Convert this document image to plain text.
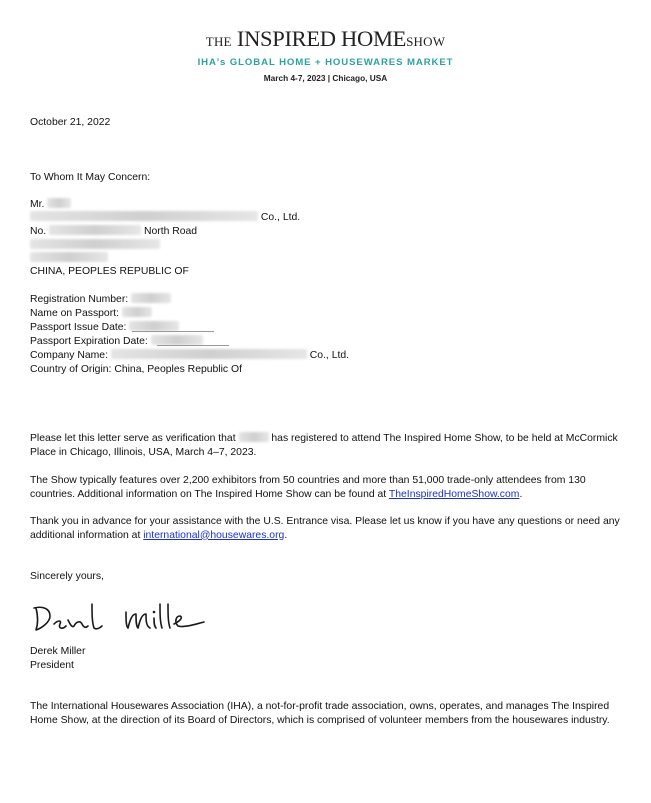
THE INSPIRED HOMESHOW
IHA's GLOBAL HOME + HOUSEWARES MARKET
March 4-7, 2023 | Chicago, USA
October 21, 2022
To Whom It May Concern:
Mr.
Co., Ltd.
No.	North Road
CHINA, PEOPLES REPUBLIC OF
Registration Number:
Name on Passport:
Passport Issue Date:
Passport Expiration Date:
Company Name:	Co., Ltd.
Country of Origin: China, Peoples Republic Of
Please let this letter serve as verification that	has registered to attend The Inspired Home Show, to be held at McCormick Place in Chicago, Illinois, USA, March 4–7, 2023.
The Show typically features over 2,200 exhibitors from 50 countries and more than 51,000 trade-only attendees from 130 countries. Additional information on The Inspired Home Show can be found at TheInspiredHomeShow.com.
Thank you in advance for your assistance with the U.S. Entrance visa. Please let us know if you have any questions or need any additional information at international@housewares.org.
Sincerely yours,
Derek Miller
President
The International Housewares Association (IHA), a not-for-profit trade association, owns, operates, and manages The Inspired Home Show, at the direction of its Board of Directors, which is comprised of volunteer members from the housewares industry.
